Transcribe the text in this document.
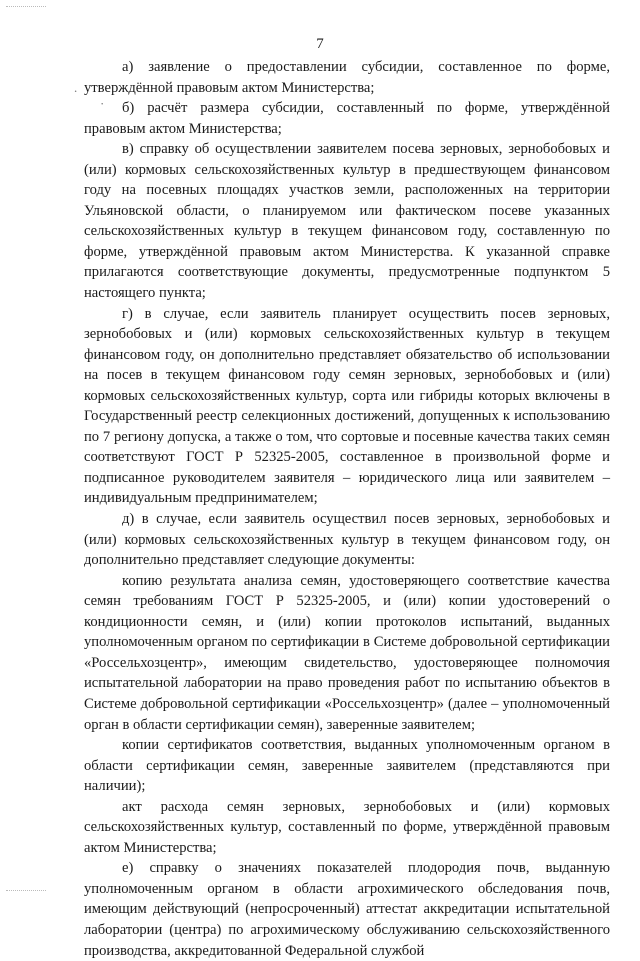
.
·
7

а) заявление о предоставлении субсидии, составленное по форме, утверждённой правовым актом Министерства;

б) расчёт размера субсидии, составленный по форме, утверждённой правовым актом Министерства;

в) справку об осуществлении заявителем посева зерновых, зернобобовых и (или) кормовых сельскохозяйственных культур в предшествующем финансовом году на посевных площадях участков земли, расположенных на территории Ульяновской области, о планируемом или фактическом посеве указанных сельскохозяйственных культур в текущем финансовом году, составленную по форме, утверждённой правовым актом Министерства. К указанной справке прилагаются соответствующие документы, предусмотренные подпунктом 5 настоящего пункта;

г) в случае, если заявитель планирует осуществить посев зерновых, зернобобовых и (или) кормовых сельскохозяйственных культур в текущем финансовом году, он дополнительно представляет обязательство об использовании на посев в текущем финансовом году семян зерновых, зернобобовых и (или) кормовых сельскохозяйственных культур, сорта или гибриды которых включены в Государственный реестр селекционных достижений, допущенных к использованию по 7 региону допуска, а также о том, что сортовые и посевные качества таких семян соответствуют ГОСТ Р 52325-2005, составленное в произвольной форме и подписанное руководителем заявителя – юридического лица или заявителем – индивидуальным предпринимателем;

д) в случае, если заявитель осуществил посев зерновых, зернобобовых и (или) кормовых сельскохозяйственных культур в текущем финансовом году, он дополнительно представляет следующие документы:

копию результата анализа семян, удостоверяющего соответствие качества семян требованиям ГОСТ Р 52325-2005, и (или) копии удостоверений о кондиционности семян, и (или) копии протоколов испытаний, выданных уполномоченным органом по сертификации в Системе добровольной сертификации «Россельхозцентр», имеющим свидетельство, удостоверяющее полномочия испытательной лаборатории на право проведения работ по испытанию объектов в Системе добровольной сертификации «Россельхозцентр» (далее – уполномоченный орган в области сертификации семян), заверенные заявителем;

копии сертификатов соответствия, выданных уполномоченным органом в области сертификации семян, заверенные заявителем (представляются при наличии);

акт расхода семян зерновых, зернобобовых и (или) кормовых сельскохозяйственных культур, составленный по форме, утверждённой правовым актом Министерства;

е) справку о значениях показателей плодородия почв, выданную уполномоченным органом в области агрохимического обследования почв, имеющим действующий (непросроченный) аттестат аккредитации испытательной лаборатории (центра) по агрохимическому обслуживанию сельскохозяйственного производства, аккредитованной Федеральной службой
